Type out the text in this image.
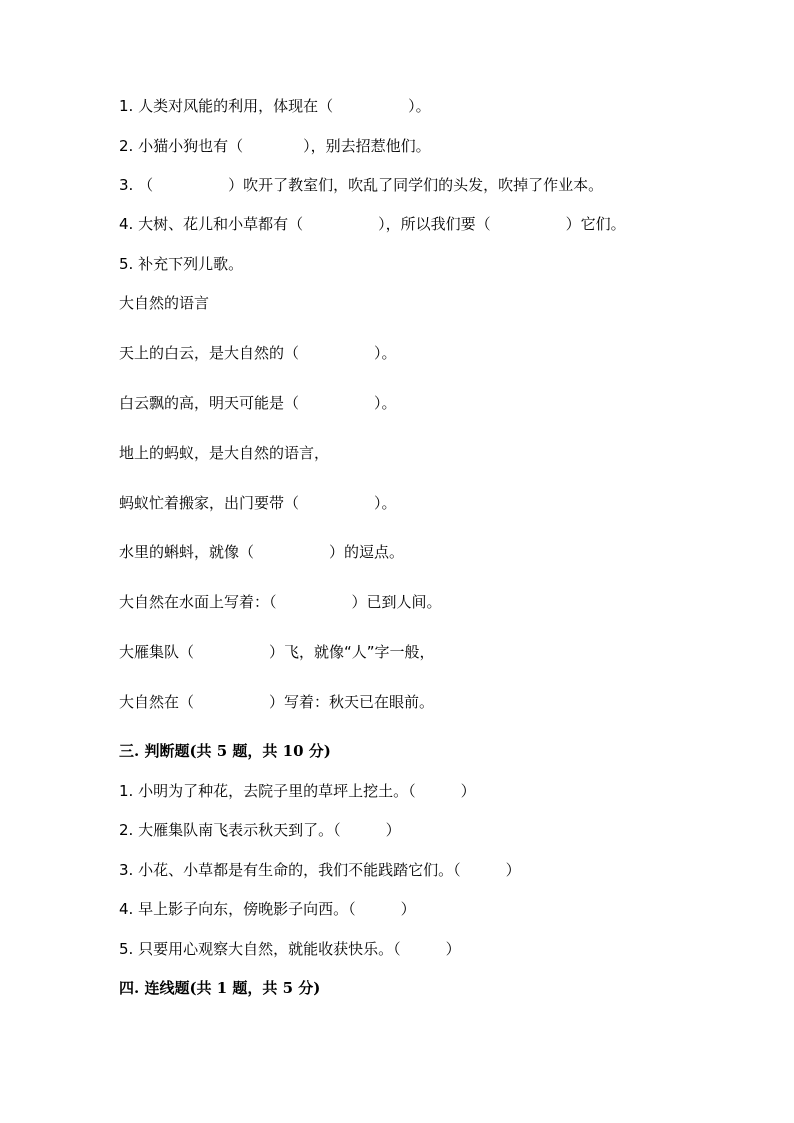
1. 人类对风能的利用，体现在（　　　　　）。
2. 小猫小狗也有（　　　　），别去招惹他们。
3. （　　　　　）吹开了教室们，吹乱了同学们的头发，吹掉了作业本。
4. 大树、花儿和小草都有（　　　　　），所以我们要（　　　　　）它们。
5. 补充下列儿歌。
大自然的语言
天上的白云，是大自然的（　　　　　）。
白云飘的高，明天可能是（　　　　　）。
地上的蚂蚁，是大自然的语言，
蚂蚁忙着搬家，出门要带（　　　　　）。
水里的蝌蚪，就像（　　　　　）的逗点。
大自然在水面上写着：（　　　　　）已到人间。
大雁集队（　　　　　）飞，就像“人”字一般，
大自然在（　　　　　）写着：秋天已在眼前。
三. 判断题(共 5 题，共 10 分)
1. 小明为了种花，去院子里的草坪上挖土。（　　　）
2. 大雁集队南飞表示秋天到了。（　　　）
3. 小花、小草都是有生命的，我们不能践踏它们。（　　　）
4. 早上影子向东，傍晚影子向西。（　　　）
5. 只要用心观察大自然，就能收获快乐。（　　　）
四. 连线题(共 1 题，共 5 分)
